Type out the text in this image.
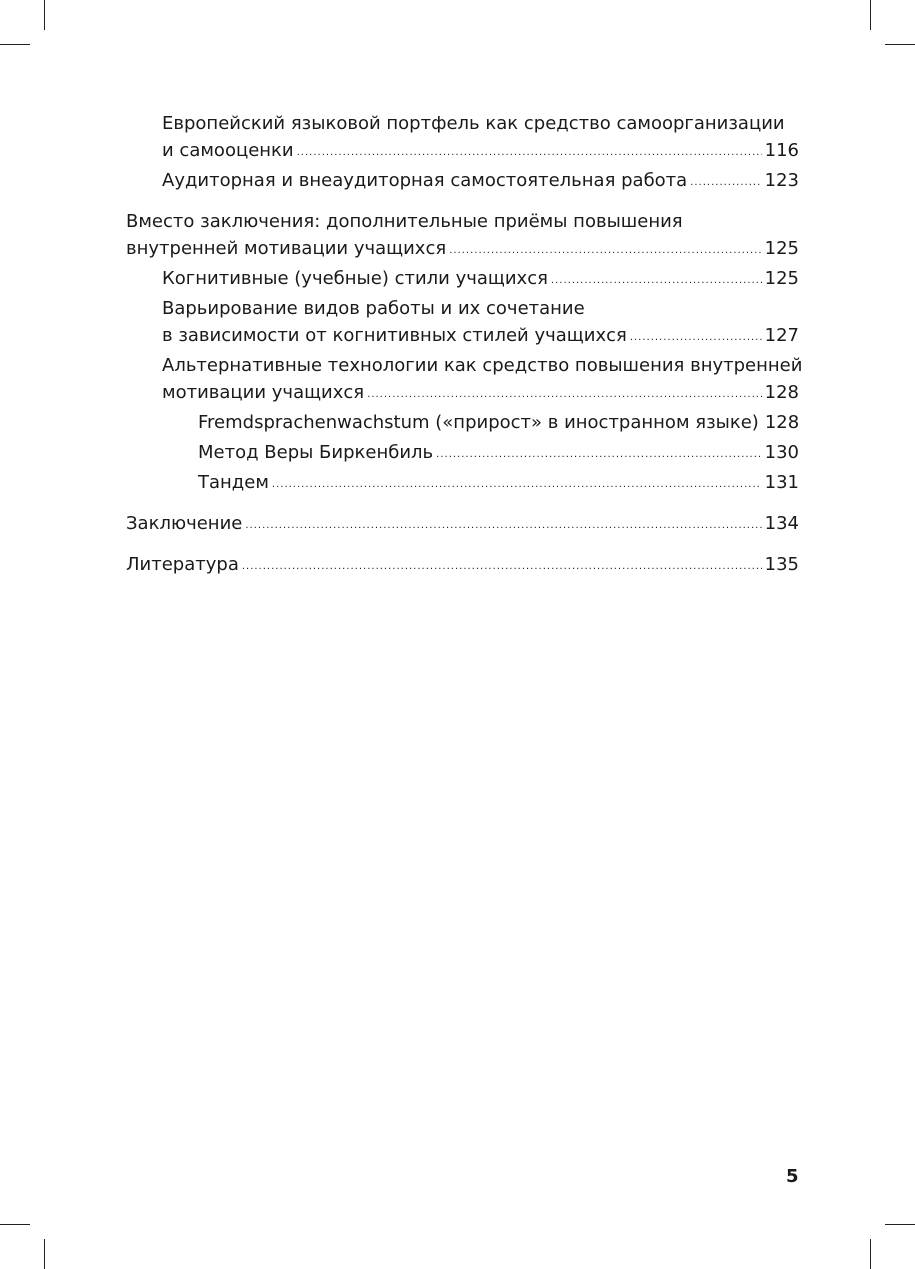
Европейский языковой портфель как средство самоорганизации
и самооценки .....	116
Аудиторная и внеаудиторная самостоятельная работа .....	123
Вместо заключения: дополнительные приёмы повышения
внутренней мотивации учащихся .....	125
Когнитивные (учебные) стили учащихся .....	125
Варьирование видов работы и их сочетание
в зависимости от когнитивных стилей учащихся .....	127
Альтернативные технологии как средство повышения внутренней
мотивации учащихся .....	128
Fremdsprachenwachstum («прирост» в иностранном языке) 128
Метод Веры Биркенбиль .....	130
Тандем .....	131
Заключение .....	134
Литература .....	135
5
